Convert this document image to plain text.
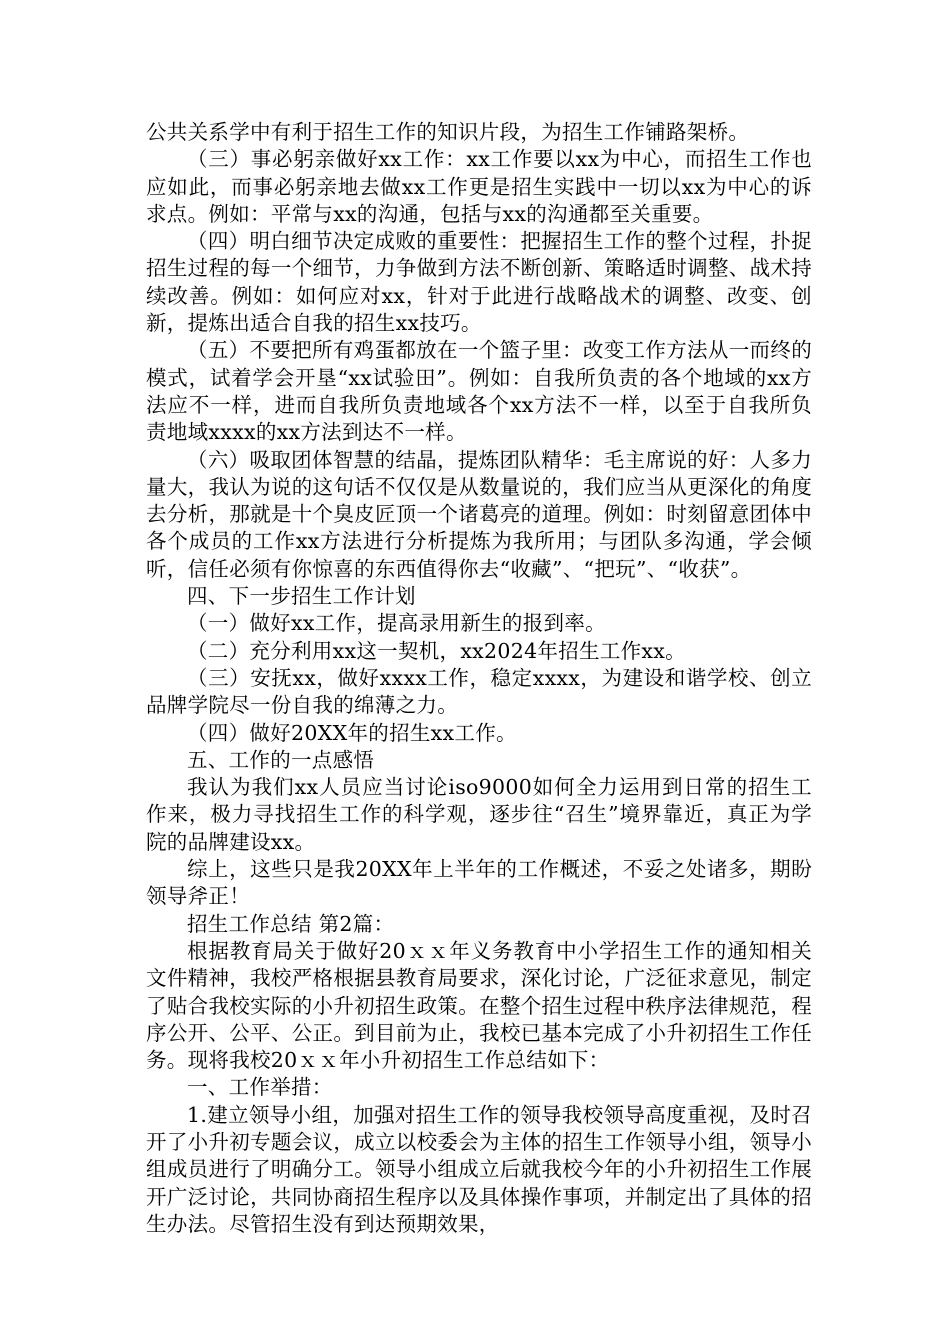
公共关系学中有利于招生工作的知识片段，为招生工作铺路架桥。

（三）事必躬亲做好xx工作：xx工作要以xx为中心，而招生工作也应如此，而事必躬亲地去做xx工作更是招生实践中一切以xx为中心的诉求点。例如：平常与xx的沟通，包括与xx的沟通都至关重要。

（四）明白细节决定成败的重要性：把握招生工作的整个过程，扑捉招生过程的每一个细节，力争做到方法不断创新、策略适时调整、战术持续改善。例如：如何应对xx，针对于此进行战略战术的调整、改变、创新，提炼出适合自我的招生xx技巧。

（五）不要把所有鸡蛋都放在一个篮子里：改变工作方法从一而终的模式，试着学会开垦“xx试验田”。例如：自我所负责的各个地域的xx方法应不一样，进而自我所负责地域各个xx方法不一样，以至于自我所负责地域xxxx的xx方法到达不一样。

（六）吸取团体智慧的结晶，提炼团队精华：毛主席说的好：人多力量大，我认为说的这句话不仅仅是从数量说的，我们应当从更深化的角度去分析，那就是十个臭皮匠顶一个诸葛亮的道理。例如：时刻留意团体中各个成员的工作xx方法进行分析提炼为我所用；与团队多沟通，学会倾听，信任必须有你惊喜的东西值得你去“收藏”、“把玩”、“收获”。

四、下一步招生工作计划

（一）做好xx工作，提高录用新生的报到率。

（二）充分利用xx这一契机，xx2024年招生工作xx。

（三）安抚xx，做好xxxx工作，稳定xxxx，为建设和谐学校、创立品牌学院尽一份自我的绵薄之力。

（四）做好20XX年的招生xx工作。

五、工作的一点感悟

我认为我们xx人员应当讨论iso9000如何全力运用到日常的招生工作来，极力寻找招生工作的科学观，逐步往“召生”境界靠近，真正为学院的品牌建设xx。

综上，这些只是我20XX年上半年的工作概述，不妥之处诸多，期盼领导斧正！

招生工作总结 第2篇：

根据教育局关于做好20ｘｘ年义务教育中小学招生工作的通知相关文件精神，我校严格根据县教育局要求，深化讨论，广泛征求意见，制定了贴合我校实际的小升初招生政策。在整个招生过程中秩序法律规范，程序公开、公平、公正。到目前为止，我校已基本完成了小升初招生工作任务。现将我校20ｘｘ年小升初招生工作总结如下：

一、工作举措：

1.建立领导小组，加强对招生工作的领导我校领导高度重视，及时召开了小升初专题会议，成立以校委会为主体的招生工作领导小组，领导小组成员进行了明确分工。领导小组成立后就我校今年的小升初招生工作展开广泛讨论，共同协商招生程序以及具体操作事项，并制定出了具体的招生办法。尽管招生没有到达预期效果，
